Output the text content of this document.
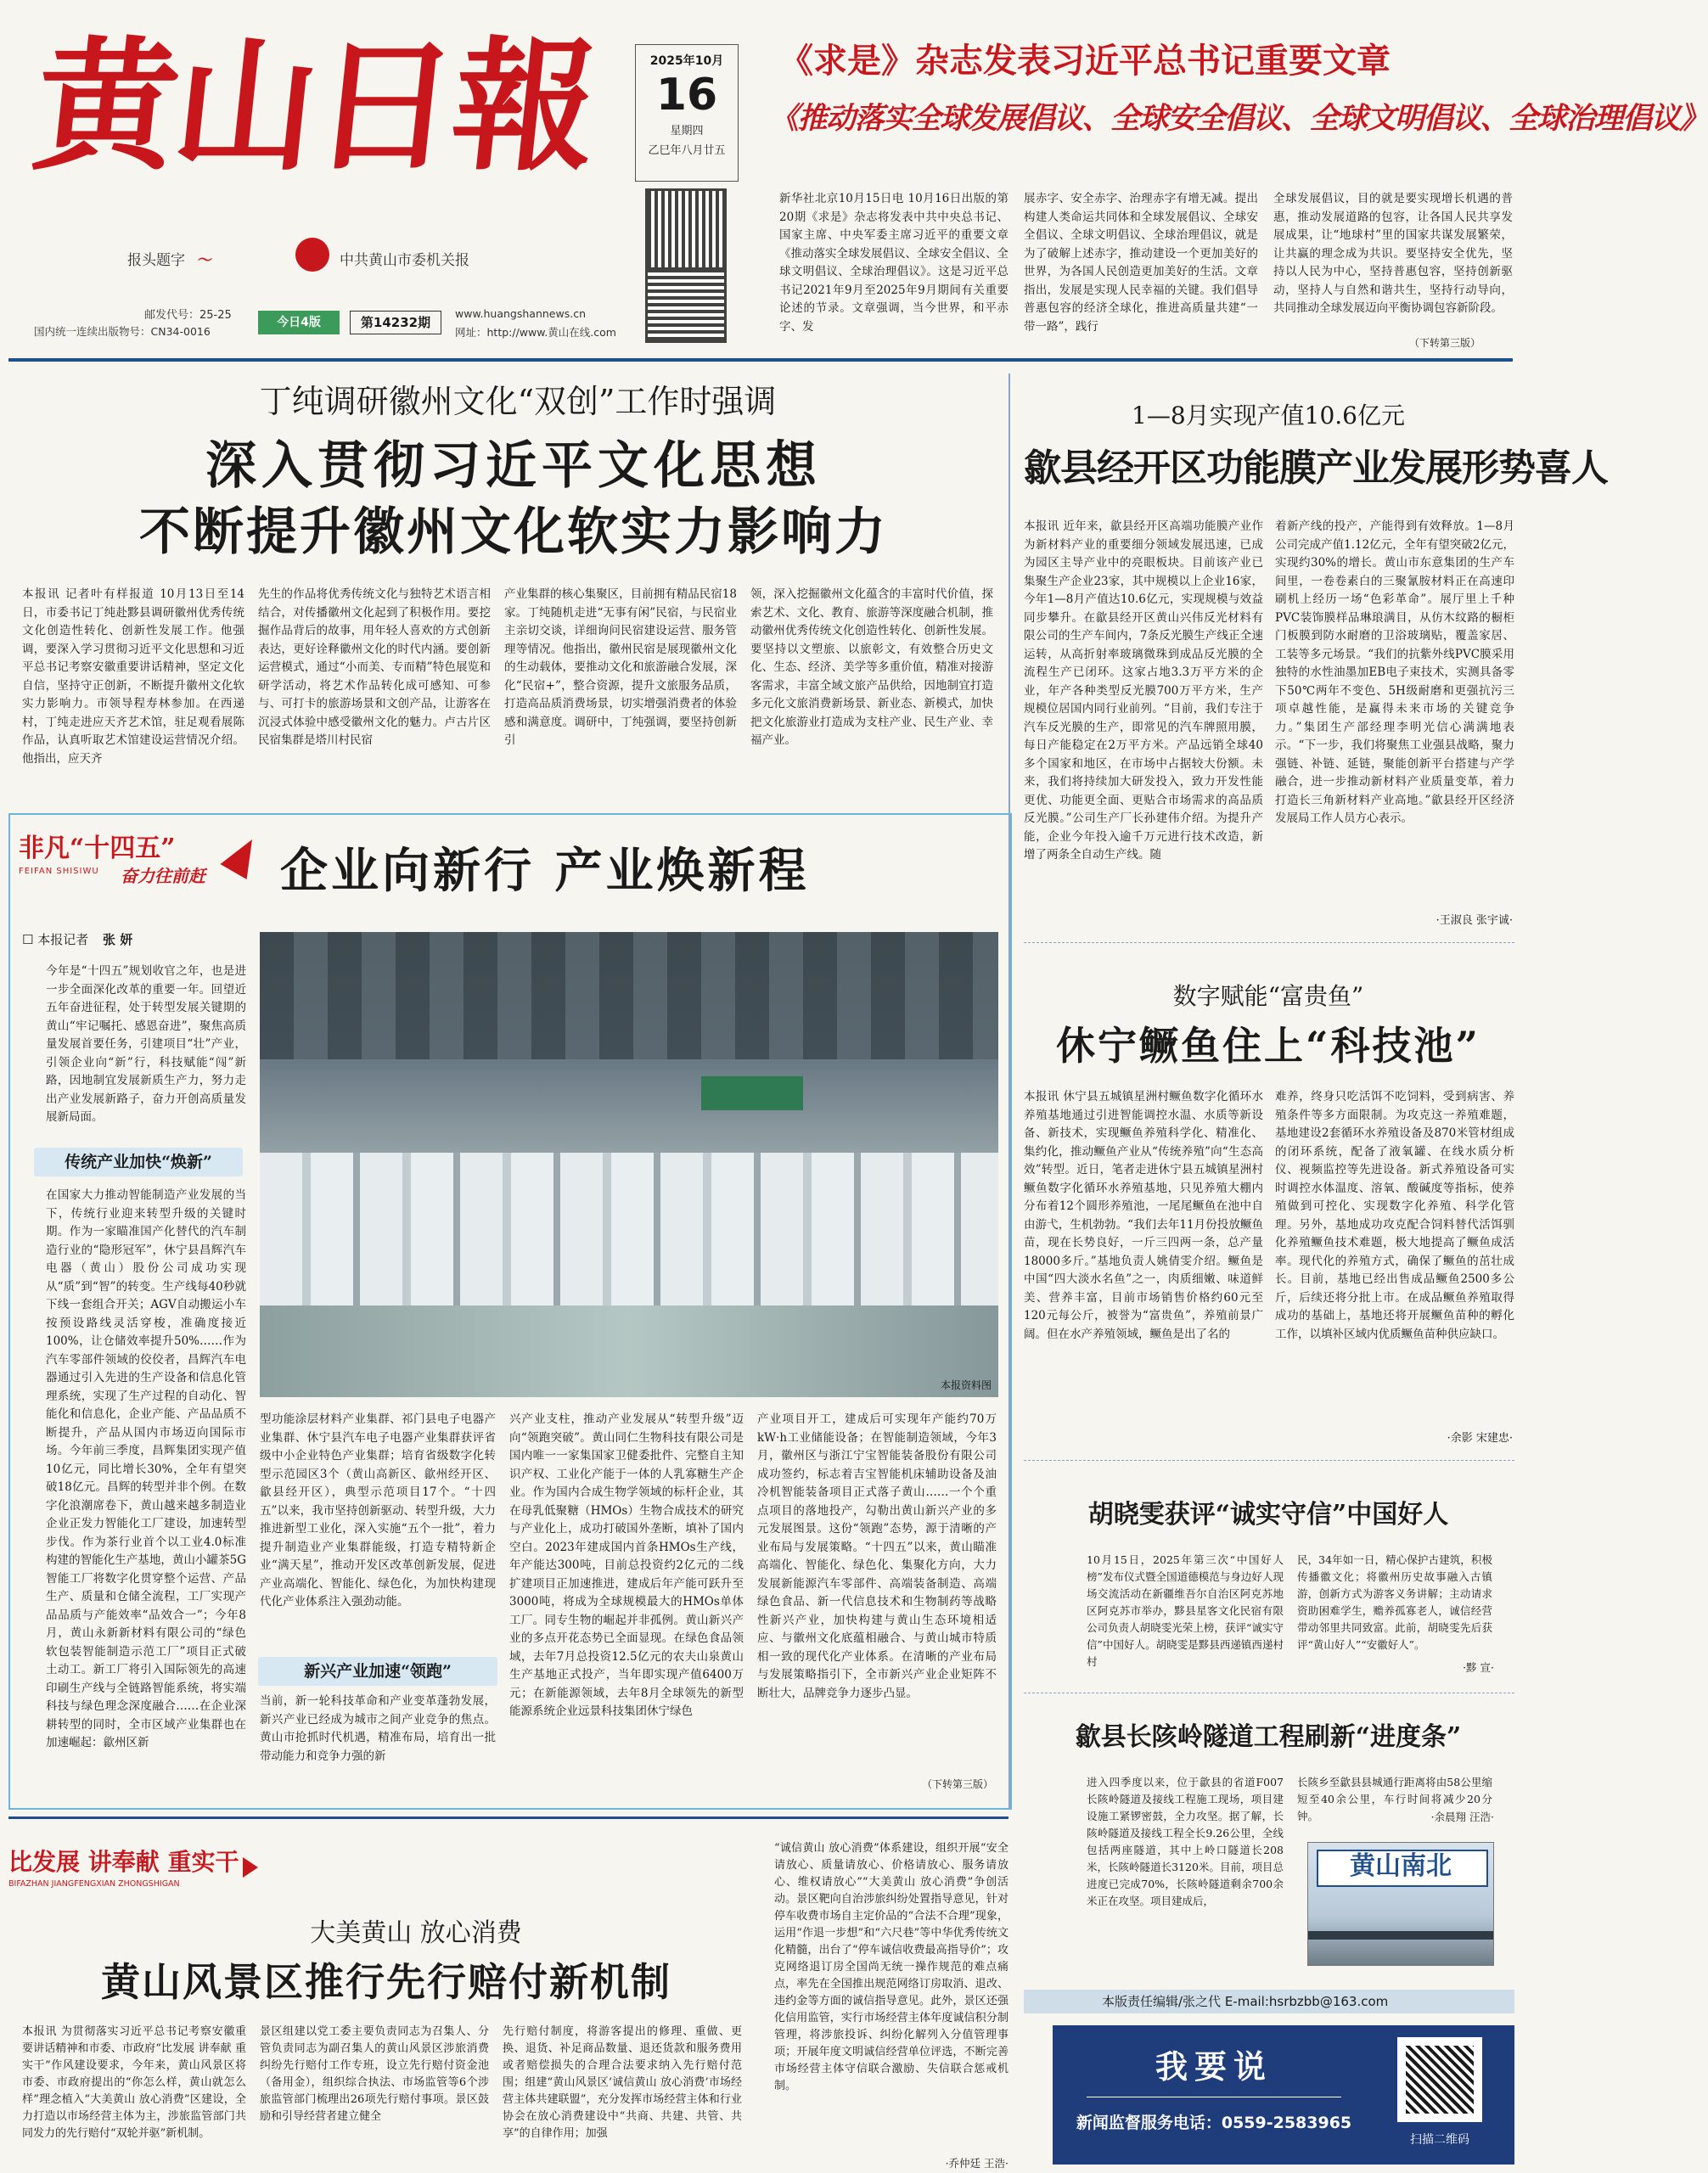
黄山日報
报头题字 〜	中共黄山市委机关报
邮发代号：25-25
国内统一连续出版物号：CN34-0016
今日4版	第14232期
www.huangshannews.cn
网址：http://www.黄山在线.com
2025年10月
16
星期四
乙巳年八月廿五
《求是》杂志发表习近平总书记重要文章
《推动落实全球发展倡议、全球安全倡议、全球文明倡议、全球治理倡议》
新华社北京10月15日电 10月16日出版的第20期《求是》杂志将发表中共中央总书记、国家主席、中央军委主席习近平的重要文章《推动落实全球发展倡议、全球安全倡议、全球文明倡议、全球治理倡议》。这是习近平总书记2021年9月至2025年9月期间有关重要论述的节录。文章强调，当今世界，和平赤字、发
展赤字、安全赤字、治理赤字有增无减。提出构建人类命运共同体和全球发展倡议、全球安全倡议、全球文明倡议、全球治理倡议，就是为了破解上述赤字，推动建设一个更加美好的世界，为各国人民创造更加美好的生活。文章指出，发展是实现人民幸福的关键。我们倡导普惠包容的经济全球化，推进高质量共建“一带一路”，践行
全球发展倡议，目的就是要实现增长机遇的普惠，推动发展道路的包容，让各国人民共享发展成果，让“地球村”里的国家共谋发展繁荣，让共赢的理念成为共识。要坚持安全优先，坚持以人民为中心，坚持普惠包容，坚持创新驱动，坚持人与自然和谐共生，坚持行动导向，共同推动全球发展迈向平衡协调包容新阶段。
（下转第三版）
丁纯调研徽州文化“双创”工作时强调
深入贯彻习近平文化思想
不断提升徽州文化软实力影响力
本报讯 记者叶有样报道 10月13日至14日，市委书记丁纯赴黟县调研徽州优秀传统文化创造性转化、创新性发展工作。他强调，要深入学习贯彻习近平文化思想和习近平总书记考察安徽重要讲话精神，坚定文化自信，坚持守正创新，不断提升徽州文化软实力影响力。市领导程寿林参加。在西递村，丁纯走进应天齐艺术馆，驻足观看展陈作品，认真听取艺术馆建设运营情况介绍。他指出，应天齐
先生的作品将优秀传统文化与独特艺术语言相结合，对传播徽州文化起到了积极作用。要挖掘作品背后的故事，用年轻人喜欢的方式创新表达，更好诠释徽州文化的时代内涵。要创新运营模式，通过“小而美、专而精”特色展览和研学活动，将艺术作品转化成可感知、可参与、可打卡的旅游场景和文创产品，让游客在沉浸式体验中感受徽州文化的魅力。卢古片区民宿集群是塔川村民宿
产业集群的核心集聚区，目前拥有精品民宿18家。丁纯随机走进“无事有闲”民宿，与民宿业主亲切交谈，详细询问民宿建设运营、服务管理等情况。他指出，徽州民宿是展现徽州文化的生动载体，要推动文化和旅游融合发展，深化“民宿+”，整合资源，提升文旅服务品质，打造高品质消费场景，切实增强消费者的体验感和满意度。调研中，丁纯强调，要坚持创新引
领，深入挖掘徽州文化蕴含的丰富时代价值，探索艺术、文化、教育、旅游等深度融合机制，推动徽州优秀传统文化创造性转化、创新性发展。要坚持以文塑旅、以旅彰文，有效整合历史文化、生态、经济、美学等多重价值，精准对接游客需求，丰富全域文旅产品供给，因地制宜打造多元化文旅消费新场景、新业态、新模式，加快把文化旅游业打造成为支柱产业、民生产业、幸福产业。
1—8月实现产值10.6亿元
歙县经开区功能膜产业发展形势喜人
本报讯 近年来，歙县经开区高端功能膜产业作为新材料产业的重要细分领域发展迅速，已成为园区主导产业中的亮眼板块。目前该产业已集聚生产企业23家，其中规模以上企业16家，今年1—8月产值达10.6亿元，实现规模与效益同步攀升。在歙县经开区黄山兴伟反光材料有限公司的生产车间内，7条反光膜生产线正全速运转，从高折射率玻璃微珠到成品反光膜的全流程生产已闭环。这家占地3.3万平方米的企业，年产各种类型反光膜700万平方米，生产规模位居国内同行业前列。“目前，我们专注于汽车反光膜的生产，即常见的汽车牌照用膜，每日产能稳定在2万平方米。产品远销全球40多个国家和地区，在市场中占据较大份额。未来，我们将持续加大研发投入，致力开发性能更优、功能更全面、更贴合市场需求的高品质反光膜。”公司生产厂长孙建伟介绍。为提升产能，企业今年投入逾千万元进行技术改造，新增了两条全自动生产线。随
着新产线的投产，产能得到有效释放。1—8月公司完成产值1.12亿元，全年有望突破2亿元，实现约30%的增长。黄山市东意集团的生产车间里，一卷卷素白的三聚氰胺材料正在高速印刷机上经历一场“色彩革命”。展厅里上千种PVC装饰膜样品琳琅满目，从仿木纹路的橱柜门板膜到防水耐磨的卫浴玻璃贴，覆盖家居、工装等多元场景。“我们的抗紫外线PVC膜采用独特的水性油墨加EB电子束技术，实测具备零下50℃两年不变色、5H级耐磨和更强抗污三项卓越性能，是赢得未来市场的关键竞争力。”集团生产部经理李明光信心满满地表示。“下一步，我们将聚焦工业强县战略，聚力强链、补链、延链，聚能创新平台搭建与产学融合，进一步推动新材料产业质量变革，着力打造长三角新材料产业高地。”歙县经开区经济发展局工作人员方心表示。
·王淑良 张宇诚·
数字赋能“富贵鱼”
休宁鳜鱼住上“科技池”
本报讯 休宁县五城镇星洲村鳜鱼数字化循环水养殖基地通过引进智能调控水温、水质等新设备、新技术，实现鳜鱼养殖科学化、精准化、集约化，推动鳜鱼产业从“传统养殖”向“生态高效”转型。近日，笔者走进休宁县五城镇星洲村鳜鱼数字化循环水养殖基地，只见养殖大棚内分布着12个圆形养殖池，一尾尾鳜鱼在池中自由游弋，生机勃勃。“我们去年11月份投放鳜鱼苗，现在长势良好，一斤三四两一条，总产量18000多斤。”基地负责人姚倩雯介绍。鳜鱼是中国“四大淡水名鱼”之一，肉质细嫩、味道鲜美、营养丰富，目前市场销售价格约60元至120元每公斤，被誉为“富贵鱼”，养殖前景广阔。但在水产养殖领域，鳜鱼是出了名的
难养，终身只吃活饵不吃饲料，受到病害、养殖条件等多方面限制。为攻克这一养殖难题，基地建设2套循环水养殖设备及870米管材组成的闭环系统，配备了液氧罐、在线水质分析仪、视频监控等先进设备。新式养殖设备可实时调控水体温度、溶氧、酸碱度等指标，使养殖做到可控化、实现数字化养殖、科学化管理。另外，基地成功攻克配合饲料替代活饵驯化养殖鳜鱼技术难题，极大地提高了鳜鱼成活率。现代化的养殖方式，确保了鳜鱼的茁壮成长。目前，基地已经出售成品鳜鱼2500多公斤，后续还将分批上市。在成品鳜鱼养殖取得成功的基础上，基地还将开展鳜鱼苗种的孵化工作，以填补区域内优质鳜鱼苗种供应缺口。
·余影 宋建忠·
非凡“十四五”
FEIFAN SHISIWU	奋力往前赶 企业向新行 产业焕新程
☐ 本报记者 张 妍
今年是“十四五”规划收官之年，也是进一步全面深化改革的重要一年。回望近五年奋进征程，处于转型发展关键期的黄山“牢记嘱托、感恩奋进”，聚焦高质量发展首要任务，引建项目“壮”产业，引领企业向“新”行，科技赋能“闯”新路，因地制宜发展新质生产力，努力走出产业发展新路子，奋力开创高质量发展新局面。
传统产业加快“焕新”
在国家大力推动智能制造产业发展的当下，传统行业迎来转型升级的关键时期。作为一家瞄准国产化替代的汽车制造行业的“隐形冠军”，休宁县昌辉汽车电器（黄山）股份公司成功实现从“质”到“智”的转变。生产线每40秒就下线一套组合开关；AGV自动搬运小车按预设路线灵活穿梭，准确度接近100%，让仓储效率提升50%……作为汽车零部件领域的佼佼者，昌辉汽车电器通过引入先进的生产设备和信息化管理系统，实现了生产过程的自动化、智能化和信息化，企业产能、产品品质不断提升，产品从国内市场迈向国际市场。今年前三季度，昌辉集团实现产值10亿元，同比增长30%，全年有望突破18亿元。昌辉的转型并非个例。在数字化浪潮席卷下，黄山越来越多制造业企业正发力智能化工厂建设，加速转型步伐。作为茶行业首个以工业4.0标准构建的智能化生产基地，黄山小罐茶5G智能工厂将数字化贯穿整个运营、产品生产、质量和仓储全流程，工厂实现产品品质与产能效率“品效合一”；今年8月，黄山永新新材料有限公司的“绿色软包装智能制造示范工厂”项目正式破土动工。新工厂将引入国际领先的高速印刷生产线与全链路智能系统，将实端科技与绿色理念深度融合……在企业深耕转型的同时，全市区域产业集群也在加速崛起：歙州区新
本报资料图
型功能涂层材料产业集群、祁门县电子电器产业集群、休宁县汽车电子电器产业集群获评省级中小企业特色产业集群；培育省级数字化转型示范园区3个（黄山高新区、歙州经开区、歙县经开区），典型示范项目17个。“十四五”以来，我市坚持创新驱动、转型升级，大力推进新型工业化，深入实施“五个一批”，着力提升制造业产业集群能级，打造专精特新企业“满天星”，推动开发区改革创新发展，促进产业高端化、智能化、绿色化，为加快构建现代化产业体系注入强劲动能。
新兴产业加速“领跑”
当前，新一轮科技革命和产业变革蓬勃发展，新兴产业已经成为城市之间产业竞争的焦点。黄山市抢抓时代机遇，精准布局，培育出一批带动能力和竞争力强的新
兴产业支柱，推动产业发展从“转型升级”迈向“领跑突破”。黄山同仁生物科技有限公司是国内唯一一家集国家卫健委批件、完整自主知识产权、工业化产能于一体的人乳寡糖生产企业。作为国内合成生物学领域的标杆企业，其在母乳低聚糖（HMOs）生物合成技术的研究与产业化上，成功打破国外垄断，填补了国内空白。2023年建成国内首条HMOs生产线，年产能达300吨，目前总投资约2亿元的二线扩建项目正加速推进，建成后年产能可跃升至3000吨，将成为全球规模最大的HMOs单体工厂。同专生物的崛起并非孤例。黄山新兴产业的多点开花态势已全面显现。在绿色食品领域，去年7月总投资12.5亿元的农夫山泉黄山生产基地正式投产，当年即实现产值6400万元；在新能源领域，去年8月全球领先的新型能源系统企业远景科技集团休宁绿色
产业项目开工，建成后可实现年产能约70万kW·h工业储能设备；在智能制造领域，今年3月，徽州区与浙江宁宝智能装备股份有限公司成功签约，标志着吉宝智能机床辅助设备及油冷机智能装备项目正式落子黄山……一个个重点项目的落地投产，勾勒出黄山新兴产业的多元发展图景。这份“领跑”态势，源于清晰的产业布局与发展策略。“十四五”以来，黄山瞄准高端化、智能化、绿色化、集聚化方向，大力发展新能源汽车零部件、高端装备制造、高端绿色食品、新一代信息技术和生物制药等战略性新兴产业，加快构建与黄山生态环境相适应、与徽州文化底蕴相融合、与黄山城市特质相一致的现代化产业体系。在清晰的产业布局与发展策略指引下，全市新兴产业企业矩阵不断壮大，品牌竞争力逐步凸显。
（下转第三版）
胡晓雯获评“诚实守信”中国好人
10月15日，2025年第三次“中国好人榜”发布仪式暨全国道德模范与身边好人现场交流活动在新疆维吾尔自治区阿克苏地区阿克苏市举办，黟县星客文化民宿有限公司负责人胡晓雯光荣上榜，获评“诚实守信”中国好人。胡晓雯是黟县西递镇西递村村
民，34年如一日，精心保护古建筑，积极传播徽文化；将徽州历史故事融入古镇游，创新方式为游客义务讲解；主动请求资助困难学生，赡养孤寡老人，诚信经营带动邻里共同致富。此前，胡晓雯先后获评“黄山好人”“安徽好人”。
·黟 宣·
歙县长陔岭隧道工程刷新“进度条”
进入四季度以来，位于歙县的省道F007长陔岭隧道及接线工程施工现场，项目建设施工紧锣密鼓，全力攻坚。据了解，长陔岭隧道及接线工程全长9.26公里，全线包括两座隧道，其中上岭口隧道长208米，长陔岭隧道长3120米。目前，项目总进度已完成70%，长陔岭隧道剩余700余米正在攻坚。项目建成后，
长陔乡至歙县县城通行距离将由58公里缩短至40余公里，车行时间将减少20分钟。	·余晨翔 汪浩·
黄山南北
比发展 讲奉献 重实干
BIFAZHAN JIANGFENGXIAN ZHONGSHIGAN
大美黄山 放心消费
黄山风景区推行先行赔付新机制
本报讯 为贯彻落实习近平总书记考察安徽重要讲话精神和市委、市政府“比发展 讲奉献 重实干”作风建设要求，今年来，黄山风景区将市委、市政府提出的“你怎么样，黄山就怎么样”理念植入“大美黄山 放心消费”区建设，全力打造以市场经营主体为主，涉旅监管部门共同发力的先行赔付“双轮并驱”新机制。
景区组建以党工委主要负责同志为召集人、分管负责同志为副召集人的黄山风景区涉旅消费纠纷先行赔付工作专班，设立先行赔付资金池（备用金），组织综合执法、市场监管等6个涉旅监管部门梳理出26项先行赔付事项。景区鼓励和引导经营者建立健全
先行赔付制度，将游客提出的修理、重做、更换、退货、补足商品数量、退还货款和服务费用或者赔偿损失的合理合法要求纳入先行赔付范围；组建“黄山风景区‘诚信黄山 放心消费’市场经营主体共建联盟”，充分发挥市场经营主体和行业协会在放心消费建设中“共商、共建、共管、共享”的自律作用；加强
“诚信黄山 放心消费”体系建设，组织开展“安全请放心、质量请放心、价格请放心、服务请放心、维权请放心”“大美黄山 放心消费”争创活动。景区靶向自治涉旅纠纷处置指导意见，针对停车收费市场自主定价品的“合法不合理”现象，运用“作退一步想”和“六尺巷”等中华优秀传统文化精髓，出台了“停车诚信收费最高指导价”；攻克网络退订房全国尚无统一操作规范的难点痛点，率先在全国推出规范网络订房取消、退改、违约金等方面的诚信指导意见。此外，景区还强化信用监管，实行市场经营主体年度诚信积分制管理，将涉旅投诉、纠纷化解列入分值管理事项；开展年度文明诚信经营单位评选，不断完善市场经营主体守信联合激励、失信联合惩戒机制。
·乔仲廷 王浩·
本版责任编辑/张之代 E-mail:hsrbzbb@163.com
我要说
新闻监督服务电话：0559-2583965
扫描二维码
